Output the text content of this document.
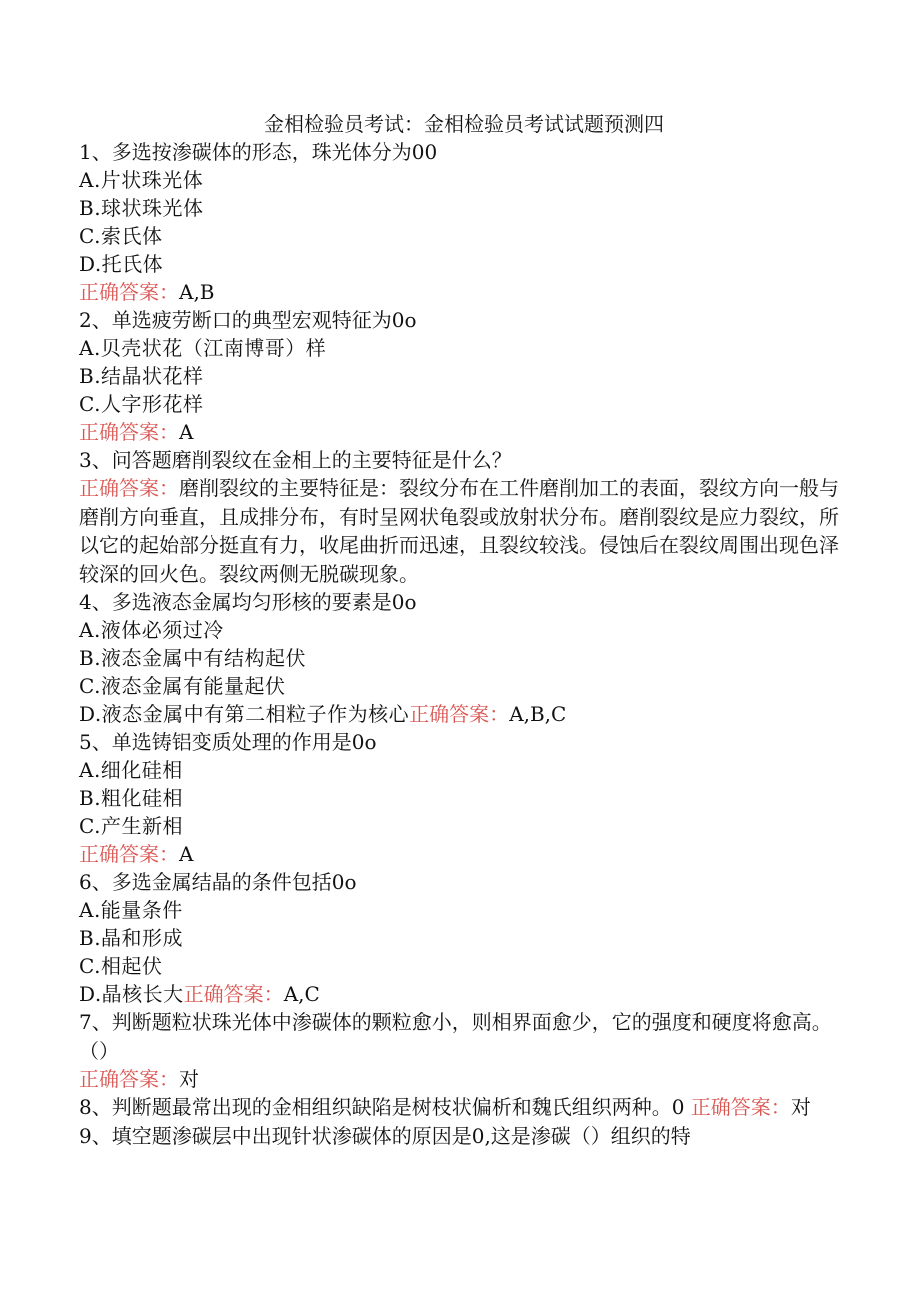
金相检验员考试：金相检验员考试试题预测四
1、多选按渗碳体的形态，珠光体分为00
A.片状珠光体
B.球状珠光体
C.索氏体
D.托氏体
正确答案：A,B
2、单选疲劳断口的典型宏观特征为0o
A.贝壳状花（江南博哥）样
B.结晶状花样
C.人字形花样
正确答案：A
3、问答题磨削裂纹在金相上的主要特征是什么？
正确答案：磨削裂纹的主要特征是：裂纹分布在工件磨削加工的表面，裂纹方向一般与磨削方向垂直，且成排分布，有时呈网状龟裂或放射状分布。磨削裂纹是应力裂纹，所以它的起始部分挺直有力，收尾曲折而迅速，且裂纹较浅。侵蚀后在裂纹周围出现色泽较深的回火色。裂纹两侧无脱碳现象。
4、多选液态金属均匀形核的要素是0o
A.液体必须过冷
B.液态金属中有结构起伏
C.液态金属有能量起伏
D.液态金属中有第二相粒子作为核心正确答案：A,B,C
5、单选铸铝变质处理的作用是0o
A.细化硅相
B.粗化硅相
C.产生新相
正确答案：A
6、多选金属结晶的条件包括0o
A.能量条件
B.晶和形成
C.相起伏
D.晶核长大正确答案：A,C
7、判断题粒状珠光体中渗碳体的颗粒愈小，则相界面愈少，它的强度和硬度将愈高。（）
正确答案：对
8、判断题最常出现的金相组织缺陷是树枝状偏析和魏氏组织两种。0 正确答案：对
9、填空题渗碳层中出现针状渗碳体的原因是0,这是渗碳（）组织的特
